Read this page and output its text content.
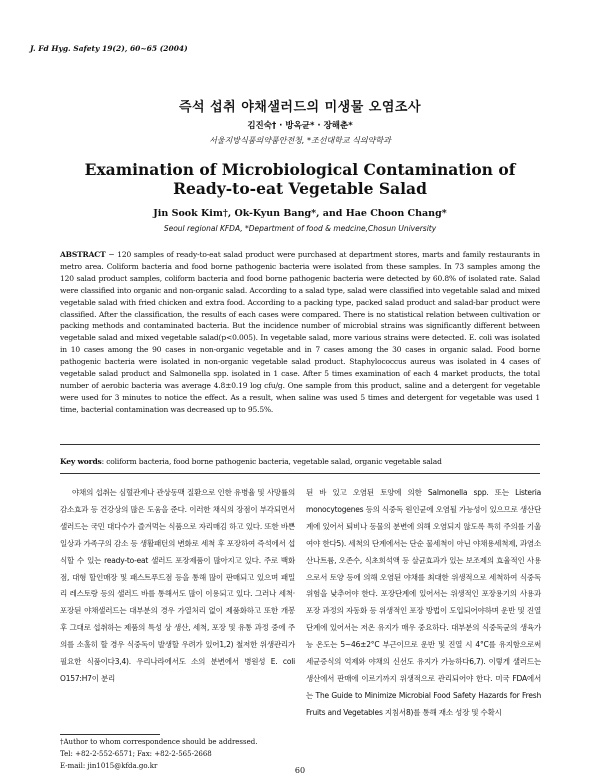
J. Fd Hyg. Safety 19(2), 60~65 (2004)
즉석 섭취 야채샐러드의 미생물 오염조사
김진숙† · 방옥균* · 장해춘*
서울지방식품의약품안전청, *조선대학교 식의약학과
Examination of Microbiological Contamination of
Ready-to-eat Vegetable Salad
Jin Sook Kim†, Ok-Kyun Bang*, and Hae Choon Chang*
Seoul regional KFDA, *Department of food & medcine,Chosun University
ABSTRACT − 120 samples of ready-to-eat salad product were purchased at department stores, marts and family restaurants in metro area. Coliform bacteria and food borne pathogenic bacteria were isolated from these samples. In 73 samples among the 120 salad product samples, coliform bacteria and food borne pathogenic bacteria were detected by 60.8% of isolated rate. Salad were classified into organic and non-organic salad. According to a salad type, salad were classified into vegetable salad and mixed vegetable salad with fried chicken and extra food. According to a packing type, packed salad product and salad-bar product were classified. After the classification, the results of each cases were compared. There is no statistical relation between cultivation or packing methods and contaminated bacteria. But the incidence number of microbial strains was significantly different between vegetable salad and mixed vegetable salad(p<0.005). In vegetable salad, more various strains were detected. E. coli was isolated in 10 cases among the 90 cases in non-organic vegetable and in 7 cases among the 30 cases in organic salad. Food borne pathogenic bacteria were isolated in non-organic vegetable salad product. Staphylococcus aureus was isolated in 4 cases of vegetable salad product and Salmonella spp. isolated in 1 case. After 5 times examination of each 4 market products, the total number of aerobic bacteria was average 4.8±0.19 log cfu/g. One sample from this product, saline and a detergent for vegetable were used for 3 minutes to notice the effect. As a result, when saline was used 5 times and detergent for vegetable was used 1 time, bacterial contamination was decreased up to 95.5%.
Key words: coliform bacteria, food borne pathogenic bacteria, vegetable salad, organic vegetable salad

야채의 섭취는 심혈관계나 관상동맥 질환으로 인한 유병율 및 사망률의 감소효과 등 건강상의 많은 도움을 준다. 이러한 채식의 장점이 부각되면서 샐러드는 국민 대다수가 즐겨먹는 식품으로 자리매김 하고 있다. 또한 바쁜 일상과 가족구의 감소 등 생활패턴의 변화로 세척 후 포장하여 즉석에서 섭식할 수 있는 ready-to-eat 샐러드 포장제품이 많아지고 있다. 주로 백화점, 대형 할인매장 및 패스트푸드점 등을 통해 많이 판매되고 있으며 패밀리 레스토랑 등의 샐러드 바를 통해서도 많이 이용되고 있다. 그러나 세척·포장된 야채샐러드는 대부분의 경우 가열처리 없이 제품화하고 또한 개봉 후 그대로 섭취하는 제품의 특성 상 생산, 세척, 포장 및 유통 과정 중에 주의를 소홀히 할 경우 식중독이 발생할 우려가 있어1,2) 철저한 위생관리가 필요한 식품이다3,4). 우리나라에서도 소의 분변에서 병원성 E. coli O157:H7이 분리

된 바 있고 오염된 토양에 의한 Salmonella spp. 또는 Listeria monocytogenes 등의 식중독 원인균에 오염될 가능성이 있으므로 생산단계에 있어서 퇴비나 동물의 분변에 의해 오염되지 않도록 특히 주의를 기울여야 한다5). 세척의 단계에서는 단순 물세척이 아닌 야채용세척제, 과염소산나트륨, 오존수, 식초희석액 등 살균효과가 있는 보조제의 효율적인 사용으로서 토양 등에 의해 오염된 야채를 최대한 위생적으로 세척하여 식중독 위험을 낮추어야 한다. 포장단계에 있어서는 위생적인 포장용기의 사용과 포장 과정의 자동화 등 위생적인 포장 방법이 도입되어야하며 운반 및 진열 단계에 있어서는 저온 유지가 매우 중요하다. 대부분의 식중독균의 생육가능 온도는 5~46±2°C 부근이므로 운반 및 진열 시 4°C를 유지함으로써 세균증식의 억제와 야채의 신선도 유지가 가능하다6,7). 이렇게 샐러드는 생산에서 판매에 이르기까지 위생적으로 관리되어야 한다. 미국 FDA에서는 The Guide to Minimize Microbial Food Safety Hazards for Fresh Fruits and Vegetables 지침서8)를 통해 재소 성장 및 수확시

†Author to whom correspondence should be addressed.
Tel: +82-2-552-6571; Fax: +82-2-565-2668
E-mail: jin1015@kfda.go.kr
60
